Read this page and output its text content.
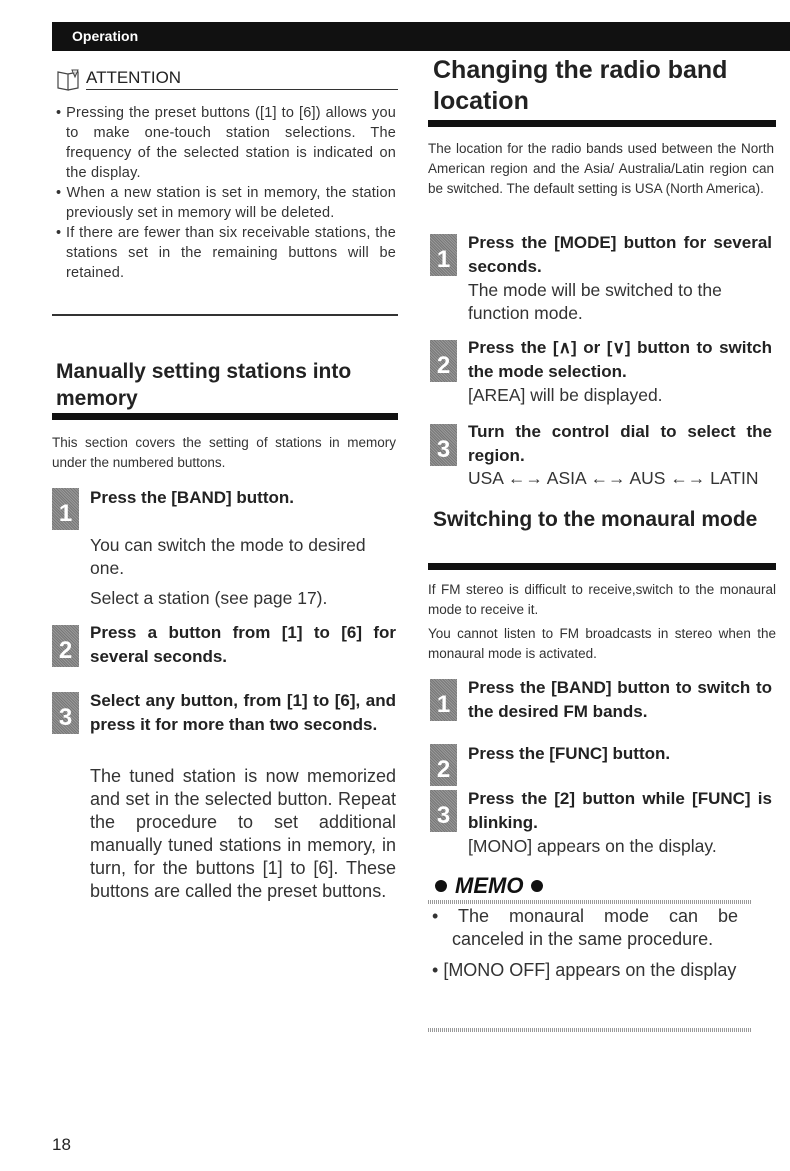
Operation
! ATTENTION
• Pressing the preset buttons ([1] to [6]) allows you to make one-touch station selections. The frequency of the selected station is indicated on the display.
• When a new station is set in memory, the station previously set in memory will be deleted.
• If there are fewer than six receivable stations, the stations set in the remaining buttons will be retained.
Manually setting stations into memory
This section covers the setting of stations in memory under the numbered buttons.
1
Press the [BAND] button.
You can switch the mode to desired one.
Select a station (see page 17).
2
Press a button from [1] to [6] for several seconds.
3
Select any button, from [1] to [6], and press it for more than two seconds.
The tuned station is now memorized and set in the selected button. Repeat the procedure to set additional manually tuned stations in memory, in turn, for the buttons [1] to [6]. These buttons are called the preset buttons.
Changing the radio band location
The location for the radio bands used between the North American region and the Asia/ Australia/Latin region can be switched. The default setting is USA (North America).
1
Press the [MODE] button for several seconds.
The mode will be switched to the function mode.
2
Press the [∧] or [∨] button to switch the mode selection.
[AREA] will be displayed.
3
Turn the control dial to select the region.
USA ←→ ASIA ←→ AUS ←→ LATIN
Switching to the monaural mode
If FM stereo is difficult to receive,switch to the monaural mode to receive it.
You cannot listen to FM broadcasts in stereo when the monaural mode is activated.
1
Press the [BAND] button to switch to the desired FM bands.
2
Press the [FUNC] button.
3
Press the [2] button while [FUNC] is blinking.
[MONO] appears on the display.
MEMO
• The monaural mode can be canceled in the same procedure.
• [MONO OFF] appears on the display
18
